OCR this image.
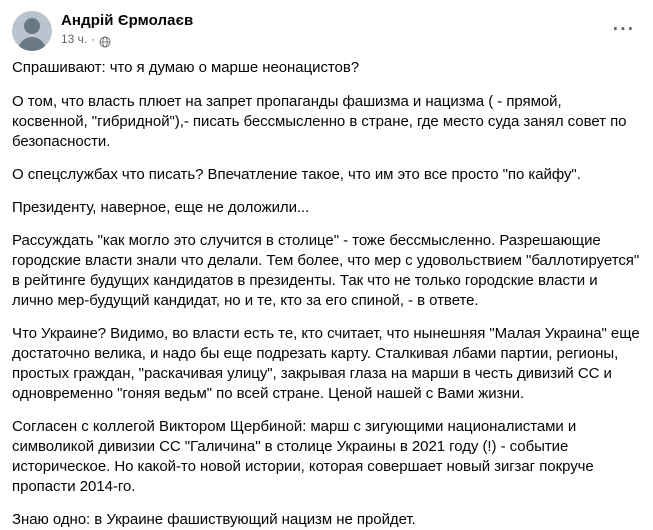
Андрій Єрмолаєв
13 ч. ·	···

Спрашивают: что я думаю о марше неонацистов?

О том, что власть плюет на запрет пропаганды фашизма и нацизма ( - прямой, косвенной, "гибридной"),- писать бессмысленно в стране, где место суда занял совет по безопасности.

О спецслужбах что писать? Впечатление такое, что им это все просто "по кайфу".

Президенту, наверное, еще не доложили...

Рассуждать "как могло это случится в столице" - тоже бессмысленно. Разрешающие городские власти знали что делали. Тем более, что мер с удовольствием "баллотируется" в рейтинге будущих кандидатов в президенты. Так что не только городские власти и лично мер-будущий кандидат, но и те, кто за его спиной, - в ответе.

Что Украине? Видимо, во власти есть те, кто считает, что нынешняя "Малая Украина" еще достаточно велика, и надо бы еще подрезать карту. Сталкивая лбами партии, регионы, простых граждан, "раскачивая улицу", закрывая глаза на марши в честь дивизий СС и одновременно "гоняя ведьм" по всей стране. Ценой нашей с Вами жизни.

Согласен с коллегой Виктором Щербиной: марш с зигующими националистами и символикой дивизии СС "Галичина" в столице Украины в 2021 году (!) - событие историческое. Но какой-то новой истории, которая совершает новый зигзаг покруче пропасти 2014-го.

Знаю одно: в Украине фашиствующий нацизм не пройдет.
